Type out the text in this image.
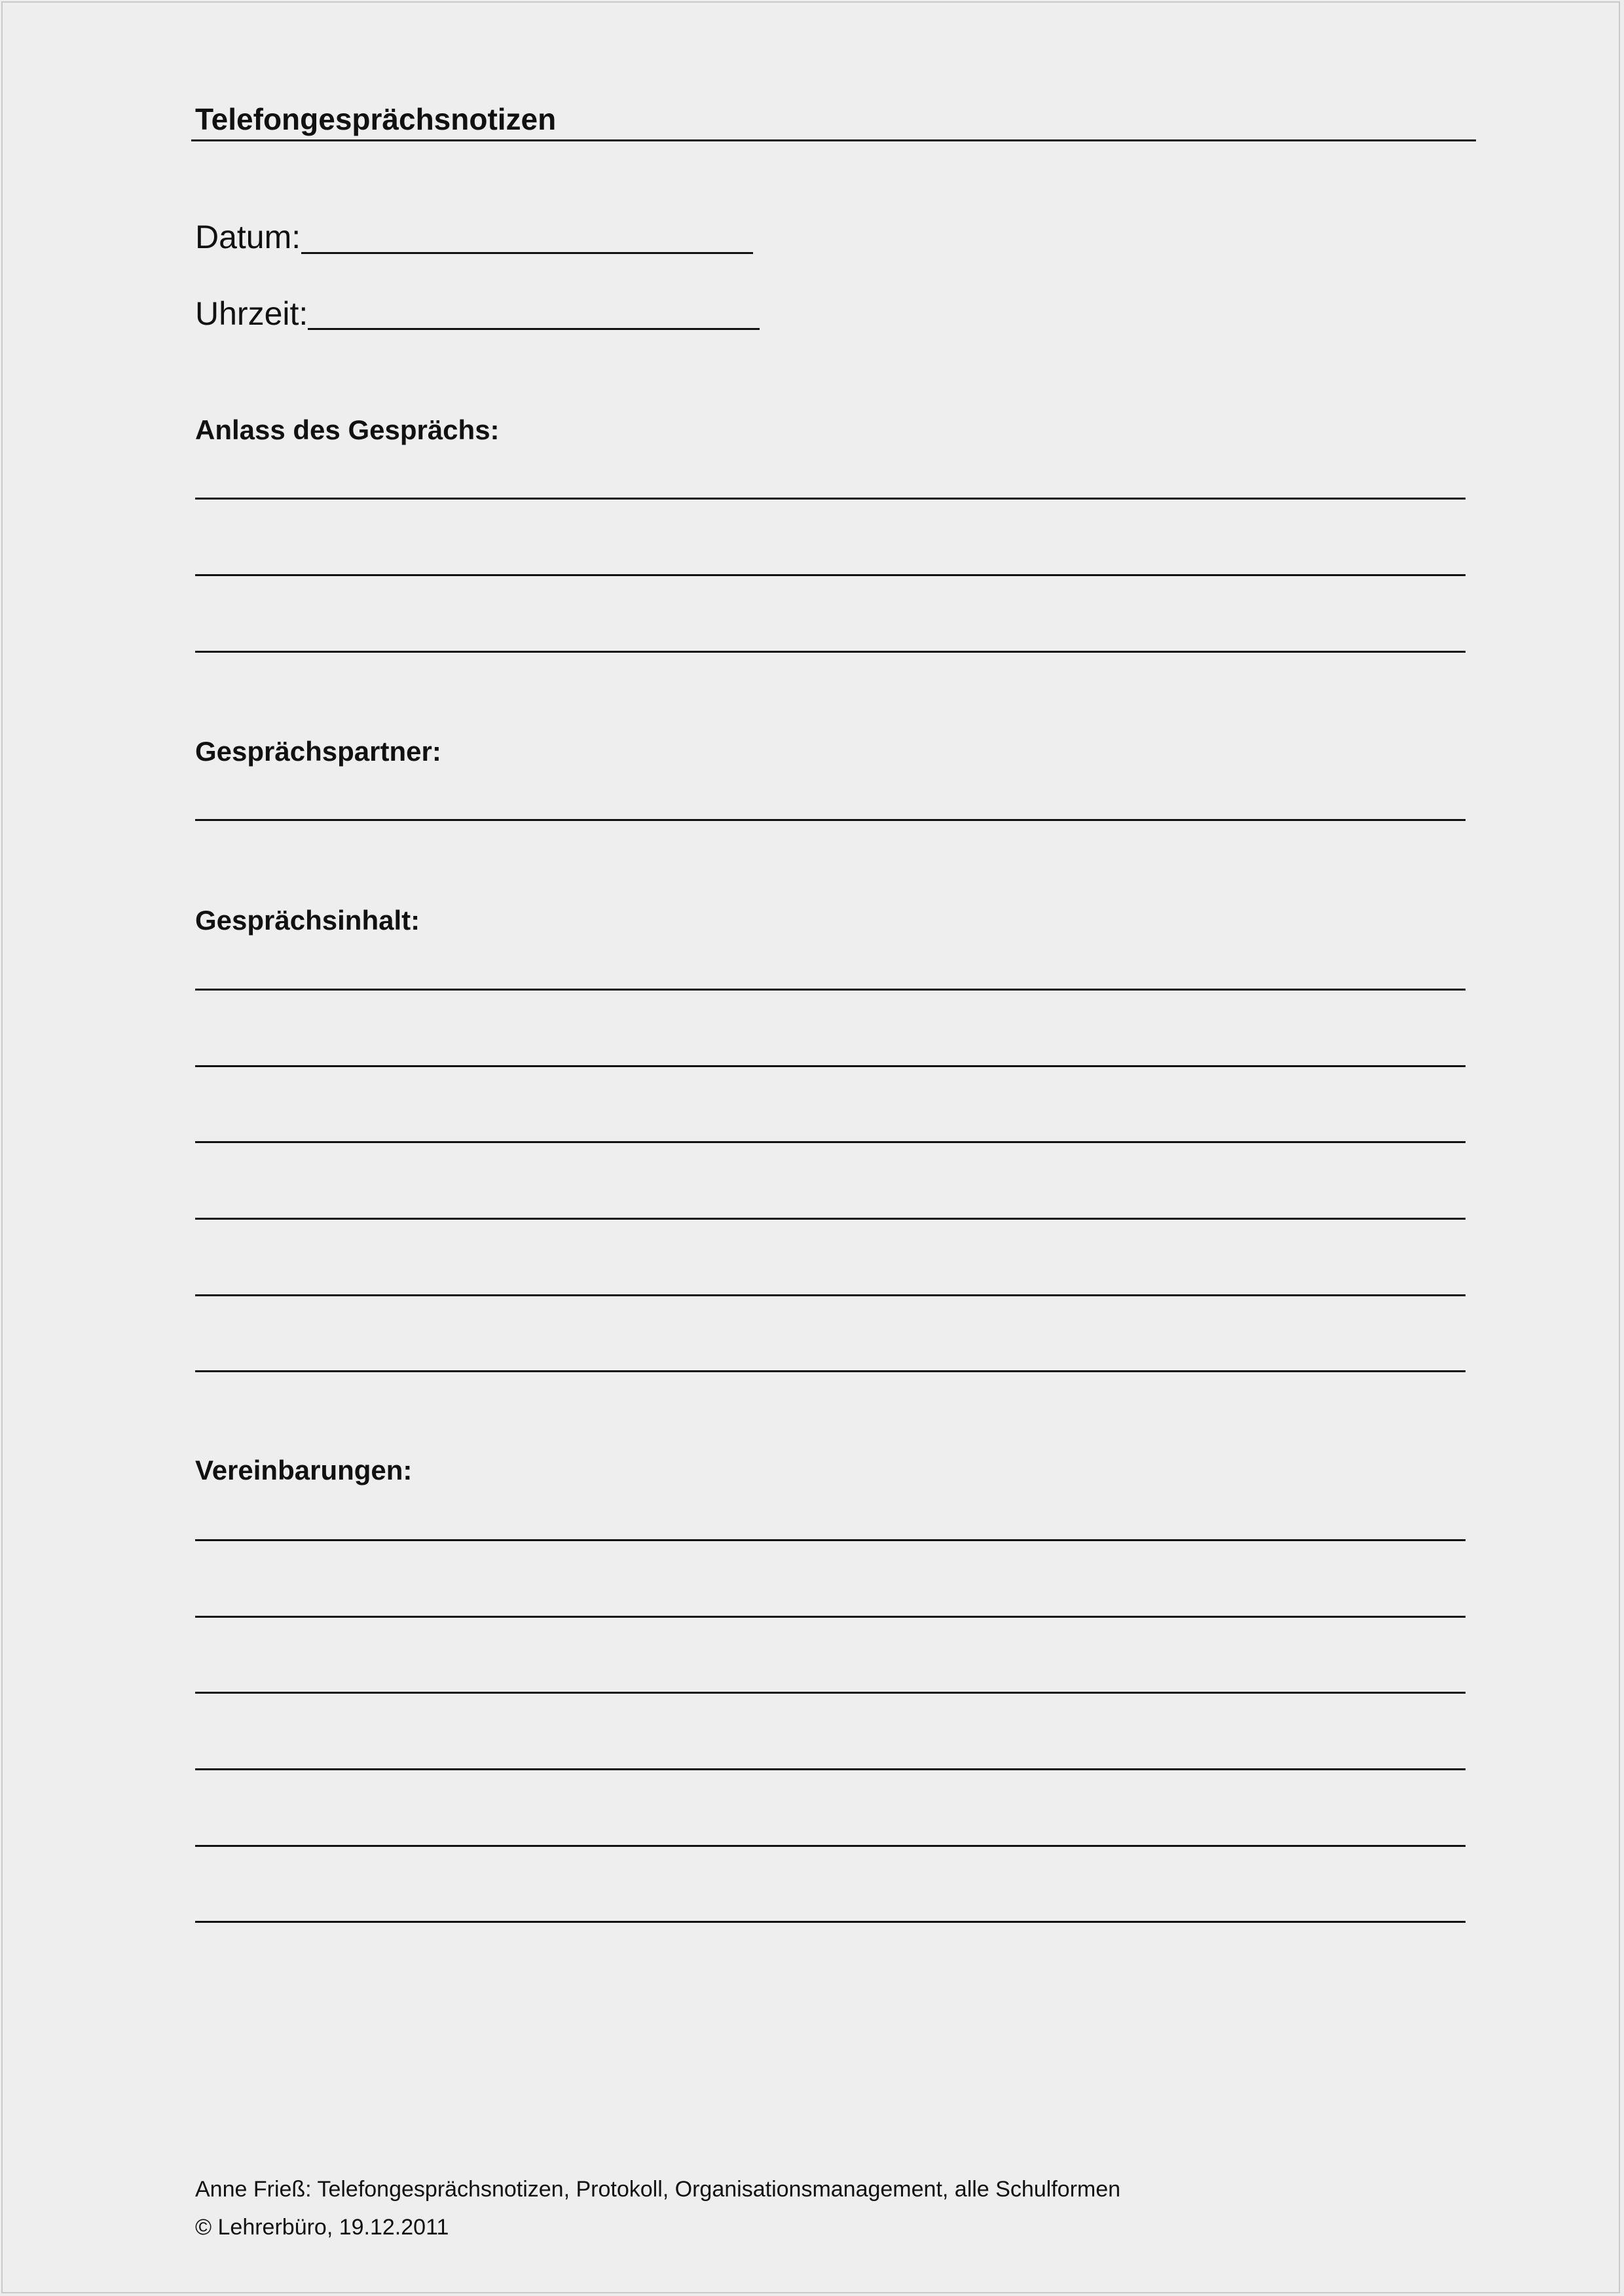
Telefongesprächsnotizen
Datum:
Uhrzeit:
Anlass des Gesprächs:
Gesprächspartner:
Gesprächsinhalt:
Vereinbarungen:
Anne Frieß: Telefongesprächsnotizen, Protokoll, Organisationsmanagement, alle Schulformen
© Lehrerbüro, 19.12.2011
